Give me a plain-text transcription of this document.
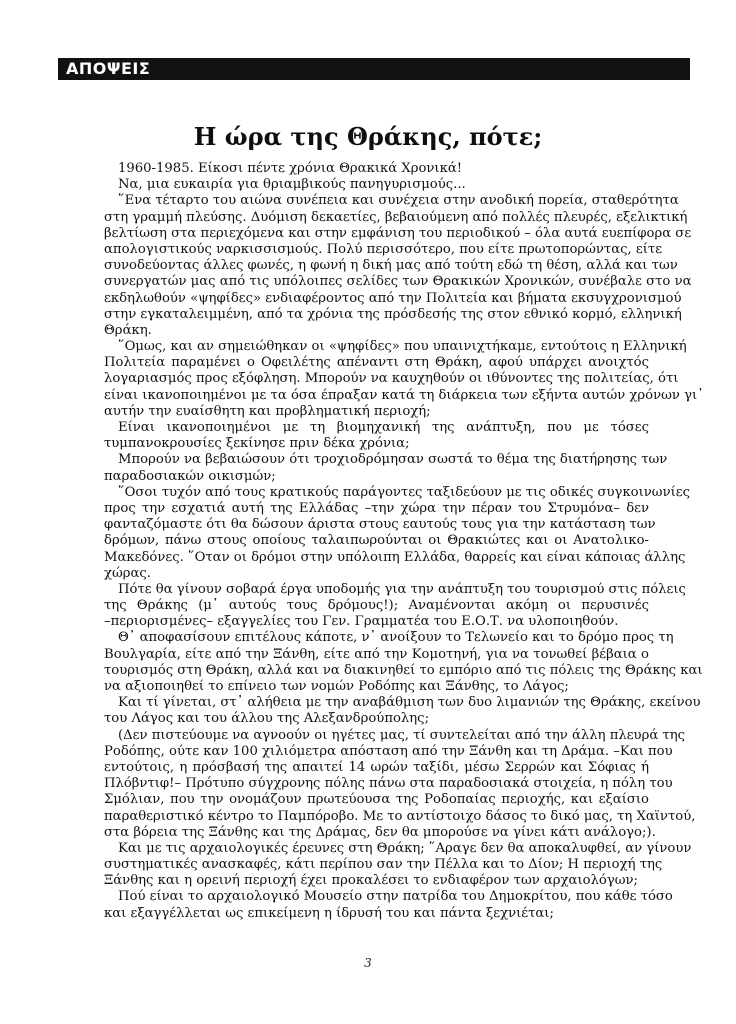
ΑΠΟΨΕΙΣ
Η ώρα της Θράκης, πότε;
1960-1985. Είκοσι πέντε χρόνια Θρακικά Χρονικά!
Να, μια ευκαιρία για θριαμβικούς πανηγυρισμούς...
῞Ενα τέταρτο του αιώνα συνέπεια και συνέχεια στην ανοδική πορεία, σταθερότητα
στη γραμμή πλεύσης. Δυόμιση δεκαετίες, βεβαιούμενη από πολλές πλευρές, εξελικτική
βελτίωση στα περιεχόμενα και στην εμφάνιση του περιοδικού – όλα αυτά ευεπίφορα σε
απολογιστικούς ναρκισσισμούς. Πολύ περισσότερο, που είτε πρωτοπορώντας, είτε
συνοδεύοντας άλλες φωνές, η φωνή η δική μας από τούτη εδώ τη θέση, αλλά και των
συνεργατών μας από τις υπόλοιπες σελίδες των Θρακικών Χρονικών, συνέβαλε στο να
εκδηλωθούν «ψηφίδες» ενδιαφέροντος από την Πολιτεία και βήματα εκσυγχρονισμού
στην εγκαταλειμμένη, από τα χρόνια της πρόσδεσής της στον εθνικό κορμό, ελληνική
Θράκη.
῞Ομως, και αν σημειώθηκαν οι «ψηφίδες» που υπαινιχτήκαμε, εντούτοις η Ελληνική
Πολιτεία παραμένει ο Οφειλέτης απέναντι στη Θράκη, αφού υπάρχει ανοιχτός
λογαριασμός προς εξόφληση. Μπορούν να καυχηθούν οι ιθύνοντες της πολιτείας, ότι
είναι ικανοποιημένοι με τα όσα έπραξαν κατά τη διάρκεια των εξήντα αυτών χρόνων γι᾽
αυτήν την ευαίσθητη και προβληματική περιοχή;
Είναι ικανοποιημένοι με τη βιομηχανική της ανάπτυξη, που με τόσες
τυμπανοκρουσίες ξεκίνησε πριν δέκα χρόνια;
Μπορούν να βεβαιώσουν ότι τροχιοδρόμησαν σωστά το θέμα της διατήρησης των
παραδοσιακών οικισμών;
῞Οσοι τυχόν από τους κρατικούς παράγοντες ταξιδεύουν με τις οδικές συγκοινωνίες
προς την εσχατιά αυτή της Ελλάδας –την χώρα την πέραν του Στρυμόνα– δεν
φανταζόμαστε ότι θα δώσουν άριστα στους εαυτούς τους για την κατάσταση των
δρόμων, πάνω στους οποίους ταλαιπωρούνται οι Θρακιώτες και οι Ανατολικο-
Μακεδόνες. ῞Οταν οι δρόμοι στην υπόλοιπη Ελλάδα, θαρρείς και είναι κάποιας άλλης
χώρας.
Πότε θα γίνουν σοβαρά έργα υποδομής για την ανάπτυξη του τουρισμού στις πόλεις
της Θράκης (μ᾽ αυτούς τους δρόμους!); Αναμένονται ακόμη οι περυσινές
–περιορισμένες– εξαγγελίες του Γεν. Γραμματέα του Ε.Ο.Τ. να υλοποιηθούν.
Θ᾽ αποφασίσουν επιτέλους κάποτε, ν᾽ ανοίξουν το Τελωνείο και το δρόμο προς τη
Βουλγαρία, είτε από την Ξάνθη, είτε από την Κομοτηνή, για να τονωθεί βέβαια ο
τουρισμός στη Θράκη, αλλά και να διακινηθεί το εμπόριο από τις πόλεις της Θράκης και
να αξιοποιηθεί το επίνειο των νομών Ροδόπης και Ξάνθης, το Λάγος;
Και τί γίνεται, στ᾽ αλήθεια με την αναβάθμιση των δυο λιμανιών της Θράκης, εκείνου
του Λάγος και του άλλου της Αλεξανδρούπολης;
(Δεν πιστεύουμε να αγνοούν οι ηγέτες μας, τί συντελείται από την άλλη πλευρά της
Ροδόπης, ούτε καν 100 χιλιόμετρα απόσταση από την Ξάνθη και τη Δράμα. –Και που
εντούτοις, η πρόσβασή της απαιτεί 14 ωρών ταξίδι, μέσω Σερρών και Σόφιας ή
Πλόβντιφ!– Πρότυπο σύγχρονης πόλης πάνω στα παραδοσιακά στοιχεία, η πόλη του
Σμόλιαν, που την ονομάζουν πρωτεύουσα της Ροδοπαίας περιοχής, και εξαίσιο
παραθεριστικό κέντρο το Παμπόροβο. Με το αντίστοιχο δάσος το δικό μας, τη Χαϊντού,
στα βόρεια της Ξάνθης και της Δράμας, δεν θα μπορούσε να γίνει κάτι ανάλογο;).
Και με τις αρχαιολογικές έρευνες στη Θράκη; ῞Αραγε δεν θα αποκαλυφθεί, αν γίνουν
συστηματικές ανασκαφές, κάτι περίπου σαν την Πέλλα και το Δίον; Η περιοχή της
Ξάνθης και η ορεινή περιοχή έχει προκαλέσει το ενδιαφέρον των αρχαιολόγων;
Πού είναι το αρχαιολογικό Μουσείο στην πατρίδα του Δημοκρίτου, που κάθε τόσο
και εξαγγέλλεται ως επικείμενη η ίδρυσή του και πάντα ξεχνιέται;
3
